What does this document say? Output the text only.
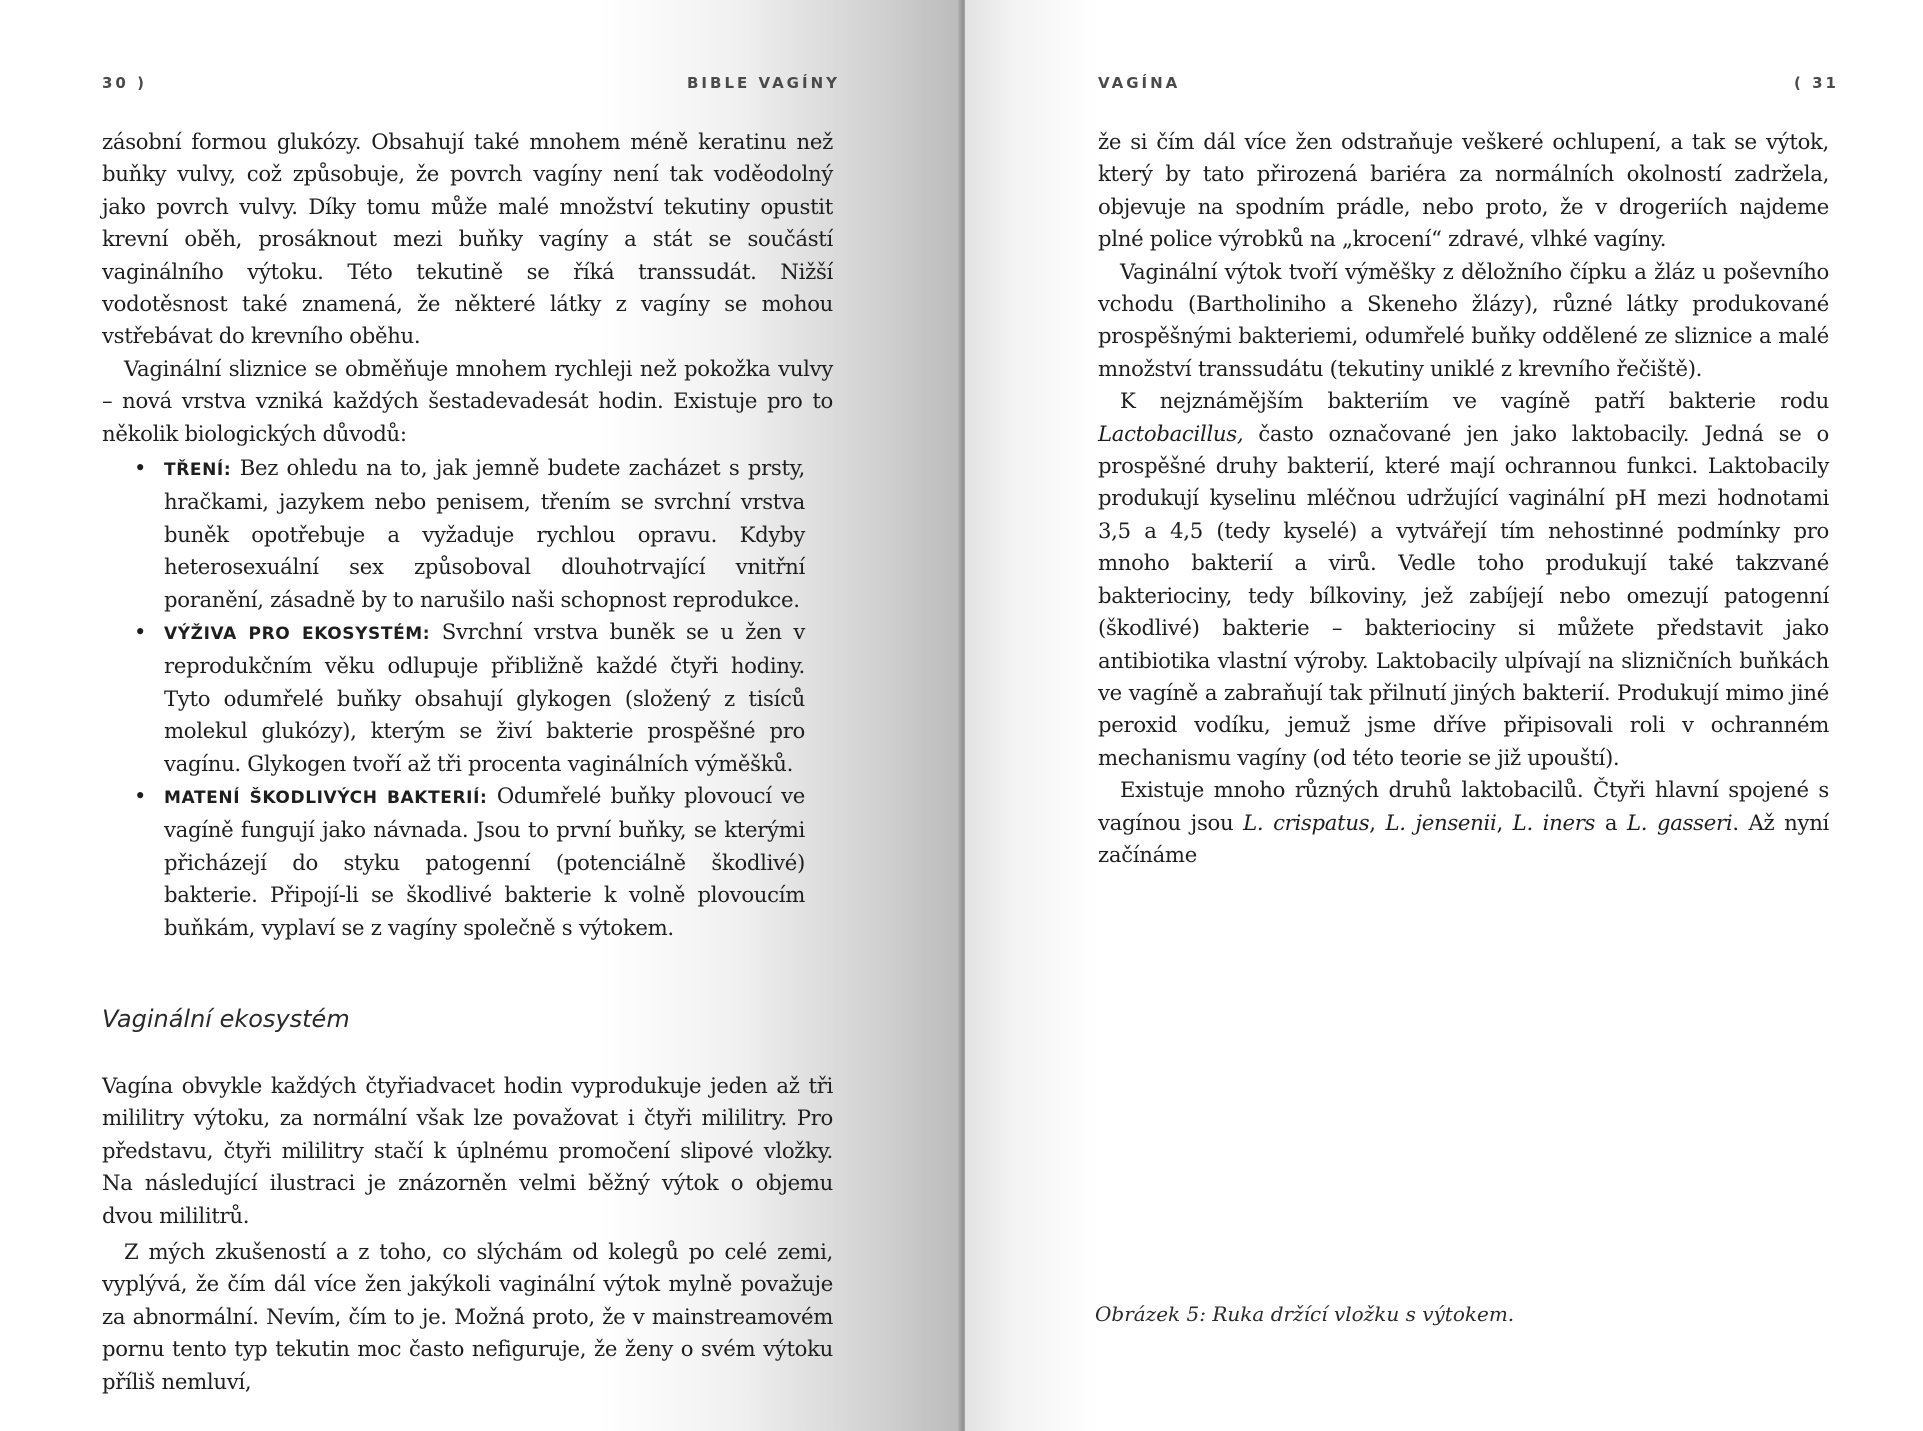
30 )	BIBLE VAGÍNY

zásobní formou glukózy. Obsahují také mnohem méně keratinu než buňky vulvy, což způsobuje, že povrch vagíny není tak voděodolný jako povrch vulvy. Díky tomu může malé množství tekutiny opustit krevní oběh, prosáknout mezi buňky vagíny a stát se součástí vaginálního výtoku. Této tekutině se říká transsudát. Nižší vodotěsnost také znamená, že některé látky z vagíny se mohou vstřebávat do krevního oběhu.

Vaginální sliznice se obměňuje mnohem rychleji než pokožka vulvy – nová vrstva vzniká každých šestadevadesát hodin. Existuje pro to několik biologických důvodů:

• TŘENÍ: Bez ohledu na to, jak jemně budete zacházet s prsty, hračkami, jazykem nebo penisem, třením se svrchní vrstva buněk opotřebuje a vyžaduje rychlou opravu. Kdyby heterosexuální sex způsoboval dlouhotrvající vnitřní poranění, zásadně by to narušilo naši schopnost reprodukce.
• VÝŽIVA PRO EKOSYSTÉM: Svrchní vrstva buněk se u žen v reprodukčním věku odlupuje přibližně každé čtyři hodiny. Tyto odumřelé buňky obsahují glykogen (složený z tisíců molekul glukózy), kterým se živí bakterie prospěšné pro vagínu. Glykogen tvoří až tři procenta vaginálních výměšků.
• MATENÍ ŠKODLIVÝCH BAKTERIÍ: Odumřelé buňky plovoucí ve vagíně fungují jako návnada. Jsou to první buňky, se kterými přicházejí do styku patogenní (potenciálně škodlivé) bakterie. Připojí-li se škodlivé bakterie k volně plovoucím buňkám, vyplaví se z vagíny společně s výtokem.
Vaginální ekosystém

Vagína obvykle každých čtyřiadvacet hodin vyprodukuje jeden až tři mililitry výtoku, za normální však lze považovat i čtyři mililitry. Pro představu, čtyři mililitry stačí k úplnému promočení slipové vložky. Na následující ilustraci je znázorněn velmi běžný výtok o objemu dvou mililitrů.

Z mých zkušeností a z toho, co slýchám od kolegů po celé zemi, vyplývá, že čím dál více žen jakýkoli vaginální výtok mylně považuje za abnormální. Nevím, čím to je. Možná proto, že v mainstreamovém pornu tento typ tekutin moc často nefiguruje, že ženy o svém výtoku příliš nemluví,

VAGÍNA	( 31

že si čím dál více žen odstraňuje veškeré ochlupení, a tak se výtok, který by tato přirozená bariéra za normálních okolností zadržela, objevuje na spodním prádle, nebo proto, že v drogeriích najdeme plné police výrobků na „krocení“ zdravé, vlhké vagíny.

Vaginální výtok tvoří výměšky z děložního čípku a žláz u poševního vchodu (Bartholiniho a Skeneho žlázy), různé látky produkované prospěšnými bakteriemi, odumřelé buňky oddělené ze sliznice a malé množství transsudátu (tekutiny uniklé z krevního řečiště).

K nejznámějším bakteriím ve vagíně patří bakterie rodu Lactobacillus, často označované jen jako laktobacily. Jedná se o prospěšné druhy bakterií, které mají ochrannou funkci. Laktobacily produkují kyselinu mléčnou udržující vaginální pH mezi hodnotami 3,5 a 4,5 (tedy kyselé) a vytvářejí tím nehostinné podmínky pro mnoho bakterií a virů. Vedle toho produkují také takzvané bakteriociny, tedy bílkoviny, jež zabíjejí nebo omezují patogenní (škodlivé) bakterie – bakteriociny si můžete představit jako antibiotika vlastní výroby. Laktobacily ulpívají na slizničních buňkách ve vagíně a zabraňují tak přilnutí jiných bakterií. Produkují mimo jiné peroxid vodíku, jemuž jsme dříve připisovali roli v ochranném mechanismu vagíny (od této teorie se již upouští).

Existuje mnoho různých druhů laktobacilů. Čtyři hlavní spojené s vagínou jsou L. crispatus, L. jensenii, L. iners a L. gasseri. Až nyní začínáme

Obrázek 5: Ruka držící vložku s výtokem.
